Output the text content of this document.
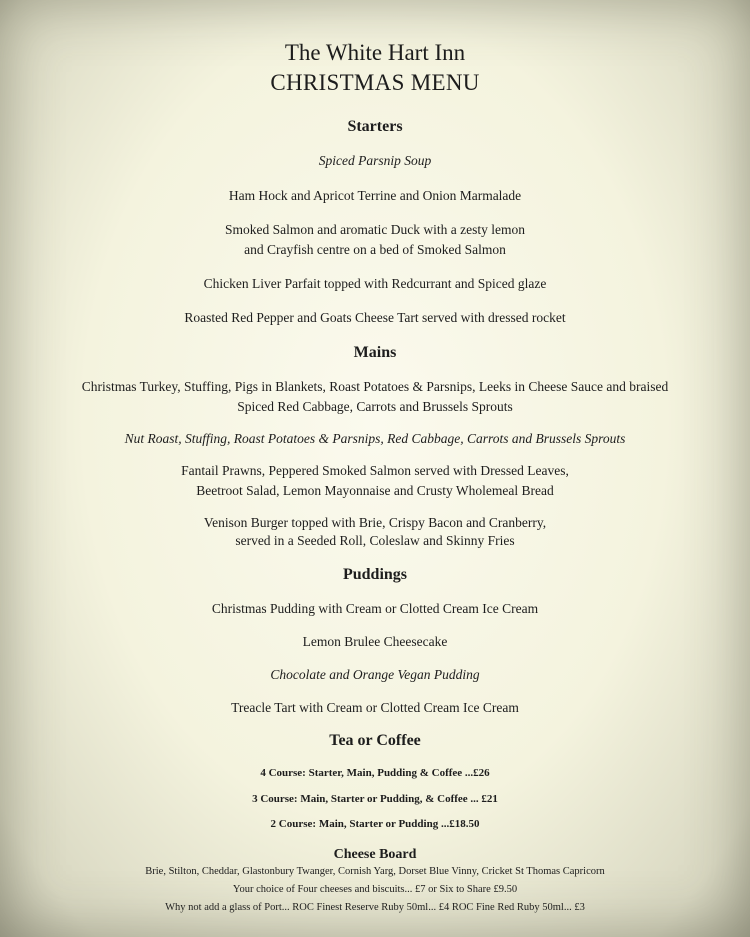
The White Hart Inn
CHRISTMAS MENU
Starters
Spiced Parsnip Soup
Ham Hock and Apricot Terrine and Onion Marmalade
Smoked Salmon and aromatic Duck with a zesty lemon
and Crayfish centre on a bed of Smoked Salmon
Chicken Liver Parfait topped with Redcurrant and Spiced glaze
Roasted Red Pepper and Goats Cheese Tart served with dressed rocket
Mains
Christmas Turkey, Stuffing, Pigs in Blankets, Roast Potatoes & Parsnips, Leeks in Cheese Sauce and braised
Spiced Red Cabbage, Carrots and Brussels Sprouts
Nut Roast, Stuffing, Roast Potatoes & Parsnips, Red Cabbage, Carrots and Brussels Sprouts
Fantail Prawns, Peppered Smoked Salmon served with Dressed Leaves,
Beetroot Salad, Lemon Mayonnaise and Crusty Wholemeal Bread
Venison Burger topped with Brie, Crispy Bacon and Cranberry,
served in a Seeded Roll, Coleslaw and Skinny Fries
Puddings
Christmas Pudding with Cream or Clotted Cream Ice Cream
Lemon Brulee Cheesecake
Chocolate and Orange Vegan Pudding
Treacle Tart with Cream or Clotted Cream Ice Cream
Tea or Coffee
4 Course: Starter, Main, Pudding & Coffee ...£26
3 Course: Main, Starter or Pudding, & Coffee ... £21
2 Course: Main, Starter or Pudding ...£18.50
Cheese Board
Brie, Stilton, Cheddar, Glastonbury Twanger, Cornish Yarg, Dorset Blue Vinny, Cricket St Thomas Capricorn
Your choice of Four cheeses and biscuits... £7 or Six to Share £9.50
Why not add a glass of Port... ROC Finest Reserve Ruby 50ml... £4 ROC Fine Red Ruby 50ml... £3
